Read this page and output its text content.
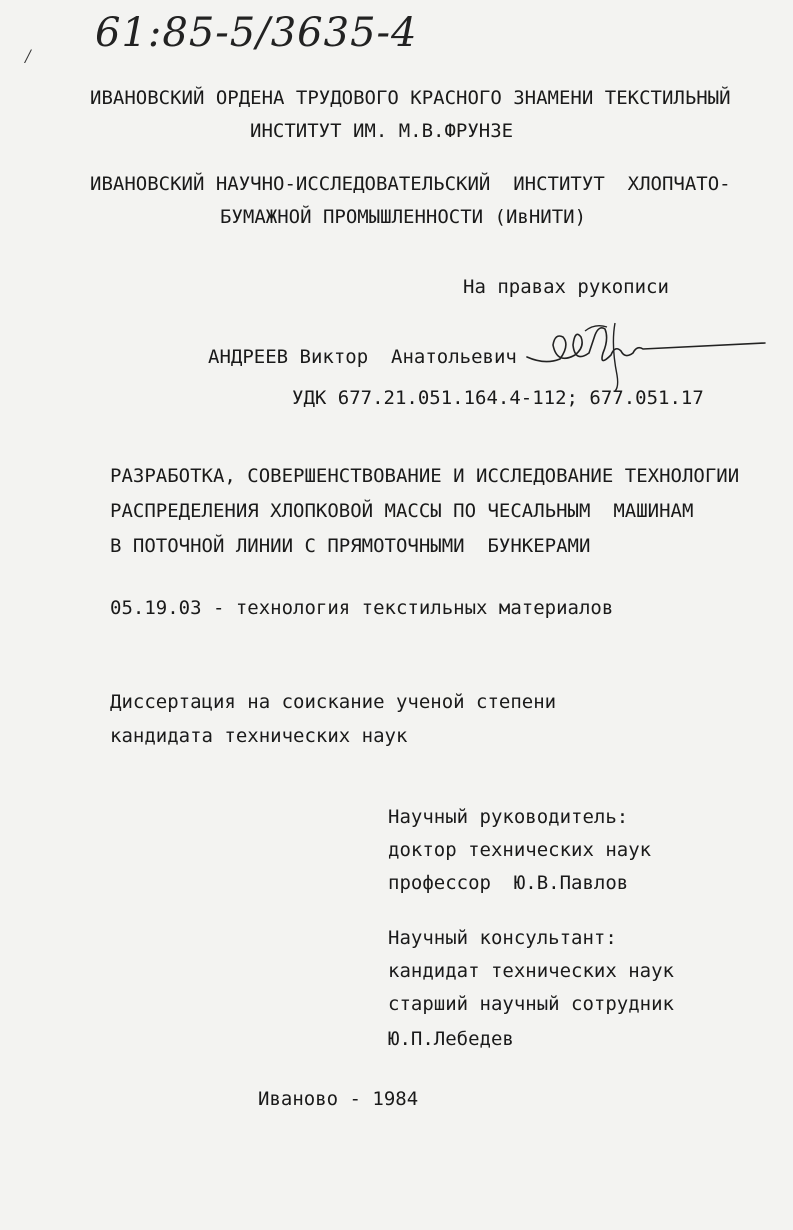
⁄ 61:85-5/3635-4
ИВАНОВСКИЙ ОРДЕНА ТРУДОВОГО КРАСНОГО ЗНАМЕНИ ТЕКСТИЛЬНЫЙ
ИНСТИТУТ ИМ. М.В.ФРУНЗЕ
ИВАНОВСКИЙ НАУЧНО-ИССЛЕДОВАТЕЛЬСКИЙ  ИНСТИТУТ  ХЛОПЧАТО-
БУМАЖНОЙ ПРОМЫШЛЕННОСТИ (ИвНИТИ)
На правах рукописи
АНДРЕЕВ Виктор  Анатольевич
УДК 677.21.051.164.4-112; 677.051.17
РАЗРАБОТКА, СОВЕРШЕНСТВОВАНИЕ И ИССЛЕДОВАНИЕ ТЕХНОЛОГИИ
РАСПРЕДЕЛЕНИЯ ХЛОПКОВОЙ МАССЫ ПО ЧЕСАЛЬНЫМ  МАШИНАМ
В ПОТОЧНОЙ ЛИНИИ С ПРЯМОТОЧНЫМИ  БУНКЕРАМИ
05.19.03 - технология текстильных материалов
Диссертация на соискание ученой степени
кандидата технических наук
Научный руководитель:
доктор технических наук
профессор  Ю.В.Павлов
Научный консультант:
кандидат технических наук
старший научный сотрудник
Ю.П.Лебедев
Иваново - 1984
